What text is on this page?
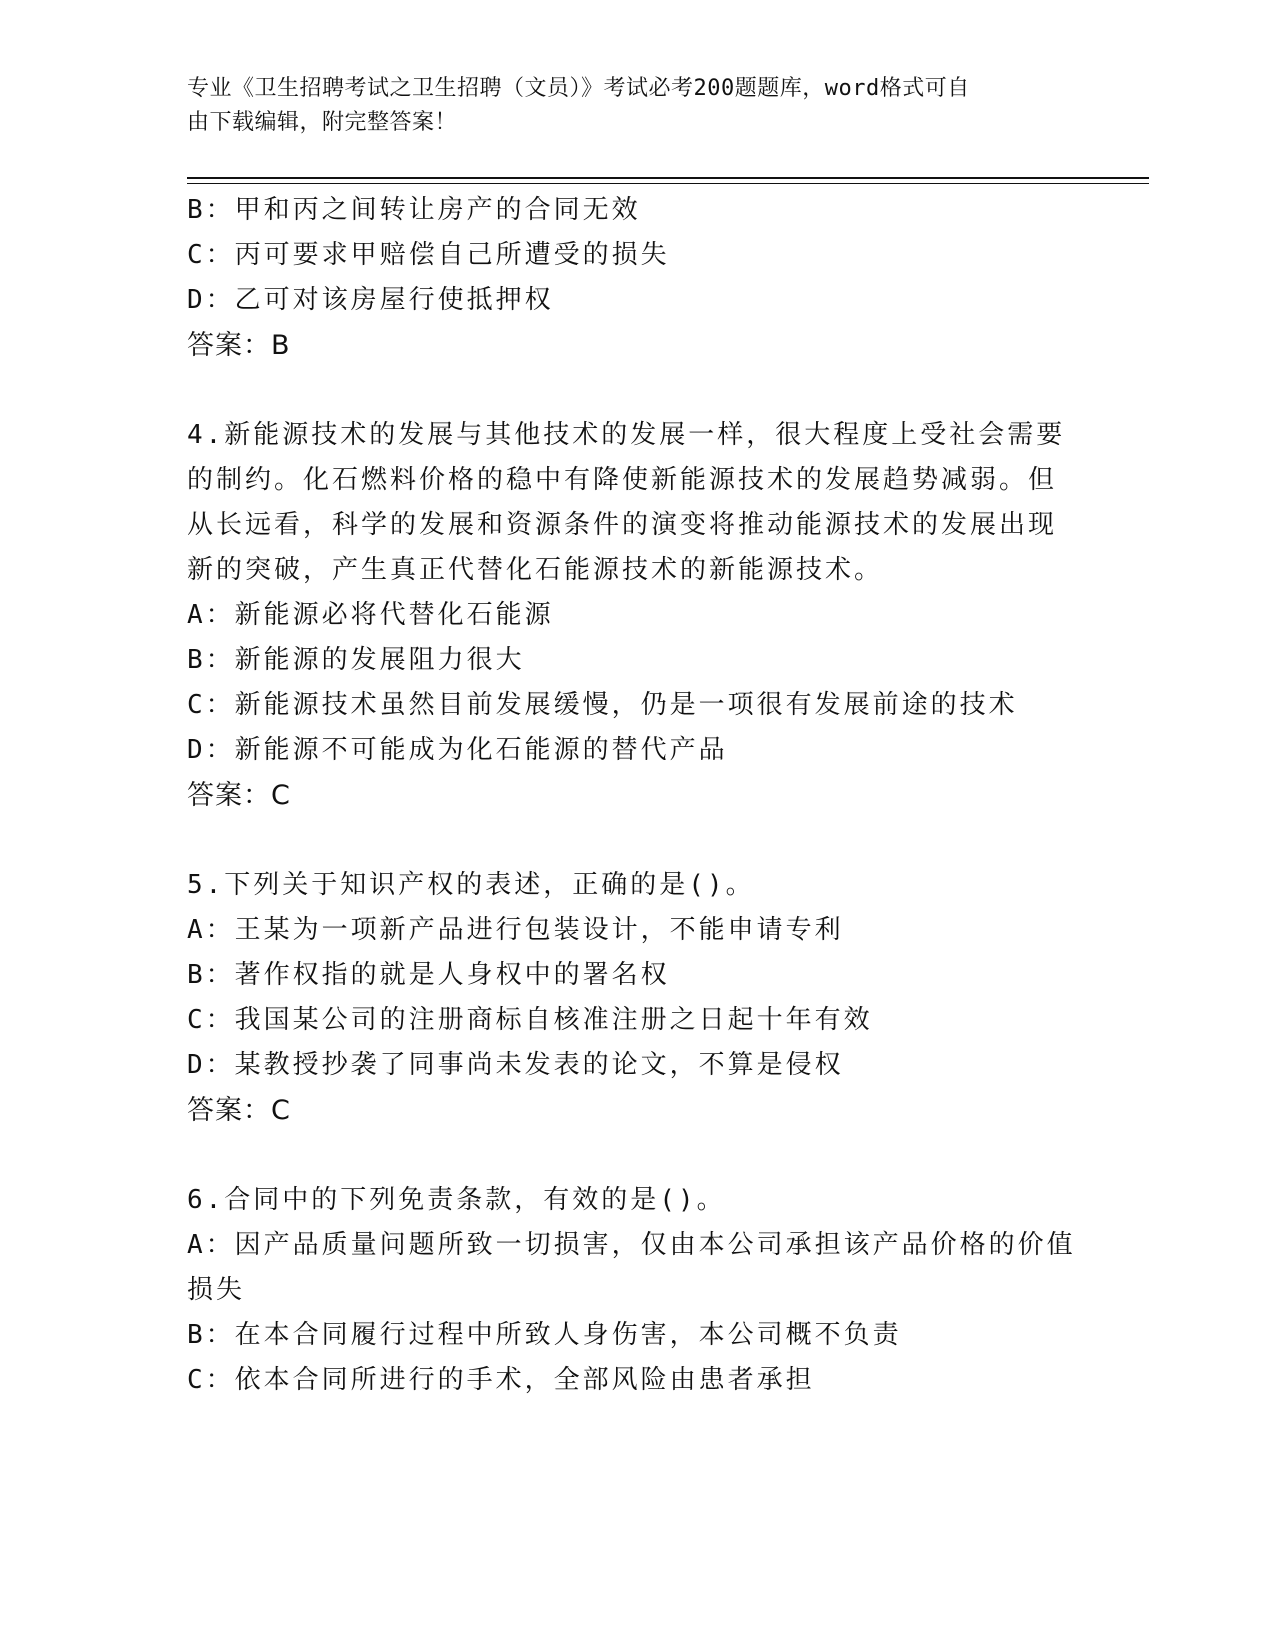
专业《卫生招聘考试之卫生招聘（文员）》考试必考200题题库，word格式可自

由下载编辑，附完整答案！

B：甲和丙之间转让房产的合同无效

C：丙可要求甲赔偿自己所遭受的损失

D：乙可对该房屋行使抵押权

答案：B

4.新能源技术的发展与其他技术的发展一样，很大程度上受社会需要

的制约。化石燃料价格的稳中有降使新能源技术的发展趋势减弱。但

从长远看，科学的发展和资源条件的演变将推动能源技术的发展出现

新的突破，产生真正代替化石能源技术的新能源技术。

A：新能源必将代替化石能源

B：新能源的发展阻力很大

C：新能源技术虽然目前发展缓慢，仍是一项很有发展前途的技术

D：新能源不可能成为化石能源的替代产品

答案：C

5.下列关于知识产权的表述，正确的是()。

A：王某为一项新产品进行包装设计，不能申请专利

B：著作权指的就是人身权中的署名权

C：我国某公司的注册商标自核准注册之日起十年有效

D：某教授抄袭了同事尚未发表的论文，不算是侵权

答案：C

6.合同中的下列免责条款，有效的是()。

A：因产品质量问题所致一切损害，仅由本公司承担该产品价格的价值

损失

B：在本合同履行过程中所致人身伤害，本公司概不负责

C：依本合同所进行的手术，全部风险由患者承担
